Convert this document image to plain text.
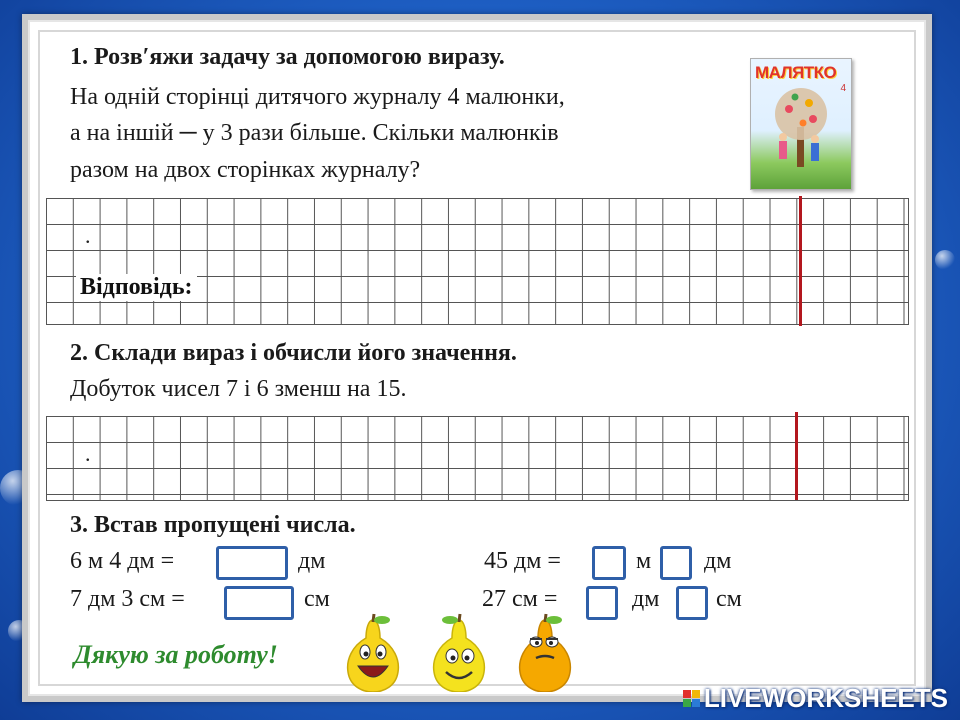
1. Розв′яжи задачу за допомогою виразу.
На одній сторінці дитячого журналу 4 малюнки,
а на іншій ─ у 3 рази більше. Скільки малюнків
разом на двох сторінках журналу?
МАЛЯТКО
4
.
Відповідь:
2. Склади вираз і обчисли його значення.
Добуток чисел 7 і 6 зменш на 15.
.
3. Встав пропущені числа.
6 м 4 дм =	дм	45 дм =	м дм
7 дм 3 см =	см	27 см =	дм см
Дякую за роботу!
LIVEWORKSHEETS
